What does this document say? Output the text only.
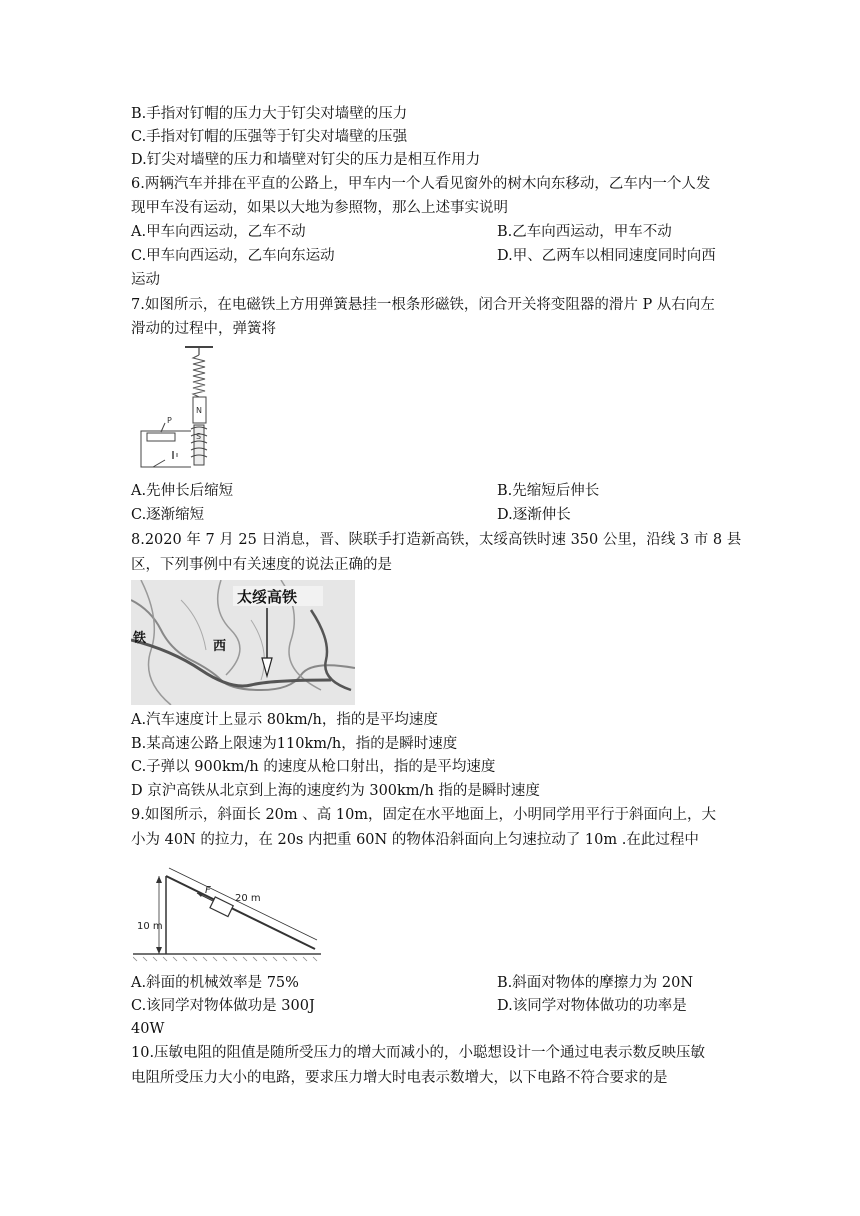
B.手指对钉帽的压力大于钉尖对墙壁的压力
C.手指对钉帽的压强等于钉尖对墙壁的压强
D.钉尖对墙壁的压力和墙壁对钉尖的压力是相互作用力
6.两辆汽车并排在平直的公路上，甲车内一个人看见窗外的树木向东移动，乙车内一个人发
现甲车没有运动，如果以大地为参照物，那么上述事实说明
A.甲车向西运动，乙车不动	B.乙车向西运动，甲车不动
C.甲车向西运动，乙车向东运动	D.甲、乙两车以相同速度同时向西
运动
7.如图所示，在电磁铁上方用弹簧悬挂一根条形磁铁，闭合开关将变阻器的滑片 P 从右向左
滑动的过程中，弹簧将
N
S
P
A.先伸长后缩短	B.先缩短后伸长
C.逐渐缩短	D.逐渐伸长
8.2020 年 7 月 25 日消息，晋、陕联手打造新高铁，太绥高铁时速 350 公里，沿线 3 市 8 县
区，下列事例中有关速度的说法正确的是
太绥高铁
西
铁
A.汽车速度计上显示 80km/h，指的是平均速度
B.某高速公路上限速为110km/h，指的是瞬时速度
C.子弹以 900km/h 的速度从枪口射出，指的是平均速度
D 京沪高铁从北京到上海的速度约为 300km/h 指的是瞬时速度
9.如图所示，斜面长 20m 、高 10m，固定在水平地面上，小明同学用平行于斜面向上，大
小为 40N 的拉力，在 20s 内把重 60N 的物体沿斜面向上匀速拉动了 10m .在此过程中
10 m
20 m
F
A.斜面的机械效率是 75%	B.斜面对物体的摩擦力为 20N
C.该同学对物体做功是 300J	D.该同学对物体做功的功率是
40W
10.压敏电阻的阻值是随所受压力的增大而减小的，小聪想设计一个通过电表示数反映压敏
电阻所受压力大小的电路，要求压力增大时电表示数增大，以下电路不符合要求的是
